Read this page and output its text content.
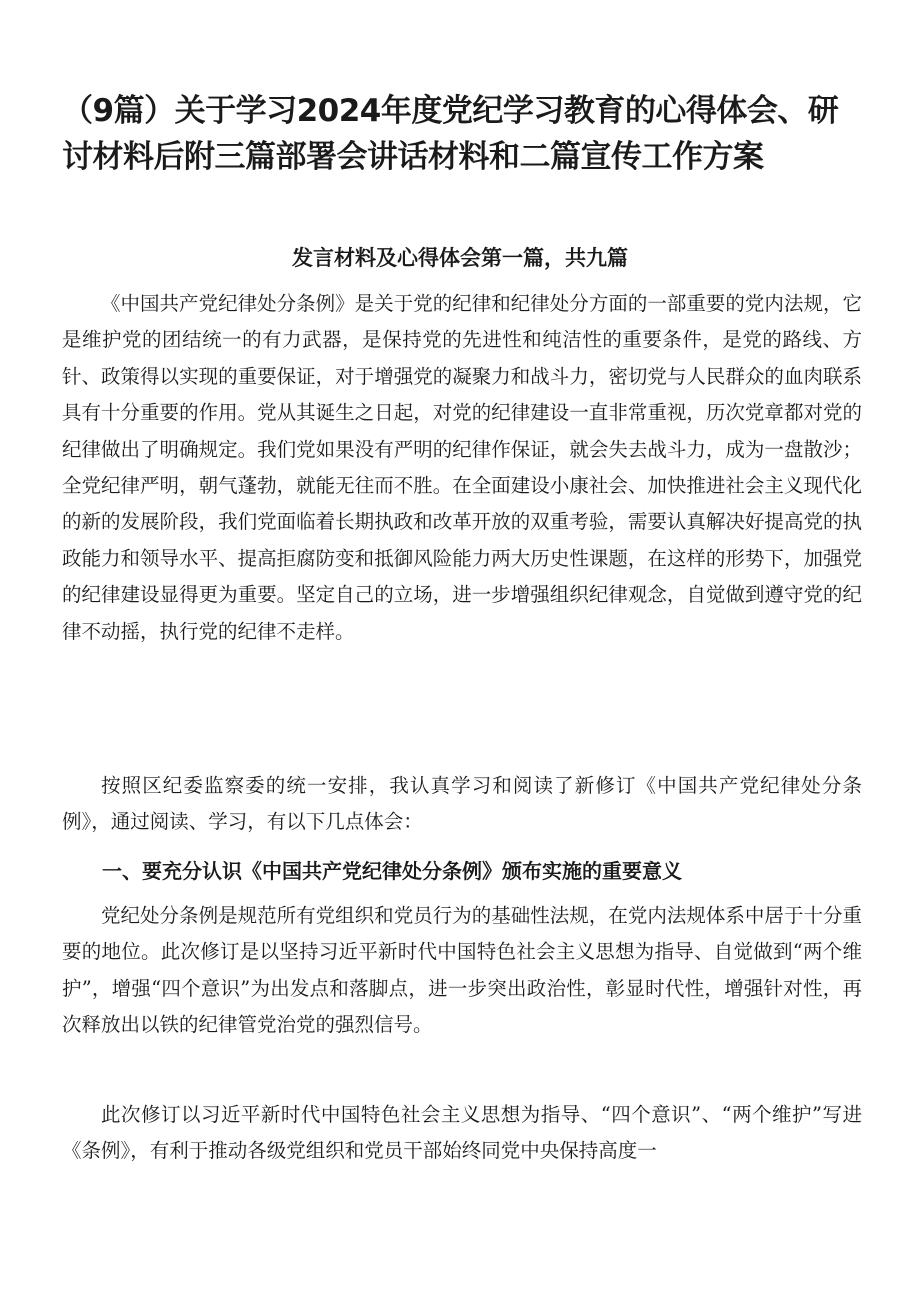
（9篇）关于学习2024年度党纪学习教育的心得体会、研讨材料后附三篇部署会讲话材料和二篇宣传工作方案
发言材料及心得体会第一篇，共九篇

《中国共产党纪律处分条例》是关于党的纪律和纪律处分方面的一部重要的党内法规，它是维护党的团结统一的有力武器，是保持党的先进性和纯洁性的重要条件，是党的路线、方针、政策得以实现的重要保证，对于增强党的凝聚力和战斗力，密切党与人民群众的血肉联系具有十分重要的作用。党从其诞生之日起，对党的纪律建设一直非常重视，历次党章都对党的纪律做出了明确规定。我们党如果没有严明的纪律作保证，就会失去战斗力，成为一盘散沙；全党纪律严明，朝气蓬勃，就能无往而不胜。在全面建设小康社会、加快推进社会主义现代化的新的发展阶段，我们党面临着长期执政和改革开放的双重考验，需要认真解决好提高党的执政能力和领导水平、提高拒腐防变和抵御风险能力两大历史性课题，在这样的形势下，加强党的纪律建设显得更为重要。坚定自己的立场，进一步增强组织纪律观念，自觉做到遵守党的纪律不动摇，执行党的纪律不走样。

按照区纪委监察委的统一安排，我认真学习和阅读了新修订《中国共产党纪律处分条例》，通过阅读、学习，有以下几点体会：

一、要充分认识《中国共产党纪律处分条例》颁布实施的重要意义

党纪处分条例是规范所有党组织和党员行为的基础性法规，在党内法规体系中居于十分重要的地位。此次修订是以坚持习近平新时代中国特色社会主义思想为指导、自觉做到“两个维护”，增强“四个意识”为出发点和落脚点，进一步突出政治性，彰显时代性，增强针对性，再次释放出以铁的纪律管党治党的强烈信号。

此次修订以习近平新时代中国特色社会主义思想为指导、“四个意识”、“两个维护”写进《条例》，有利于推动各级党组织和党员干部始终同党中央保持高度一
